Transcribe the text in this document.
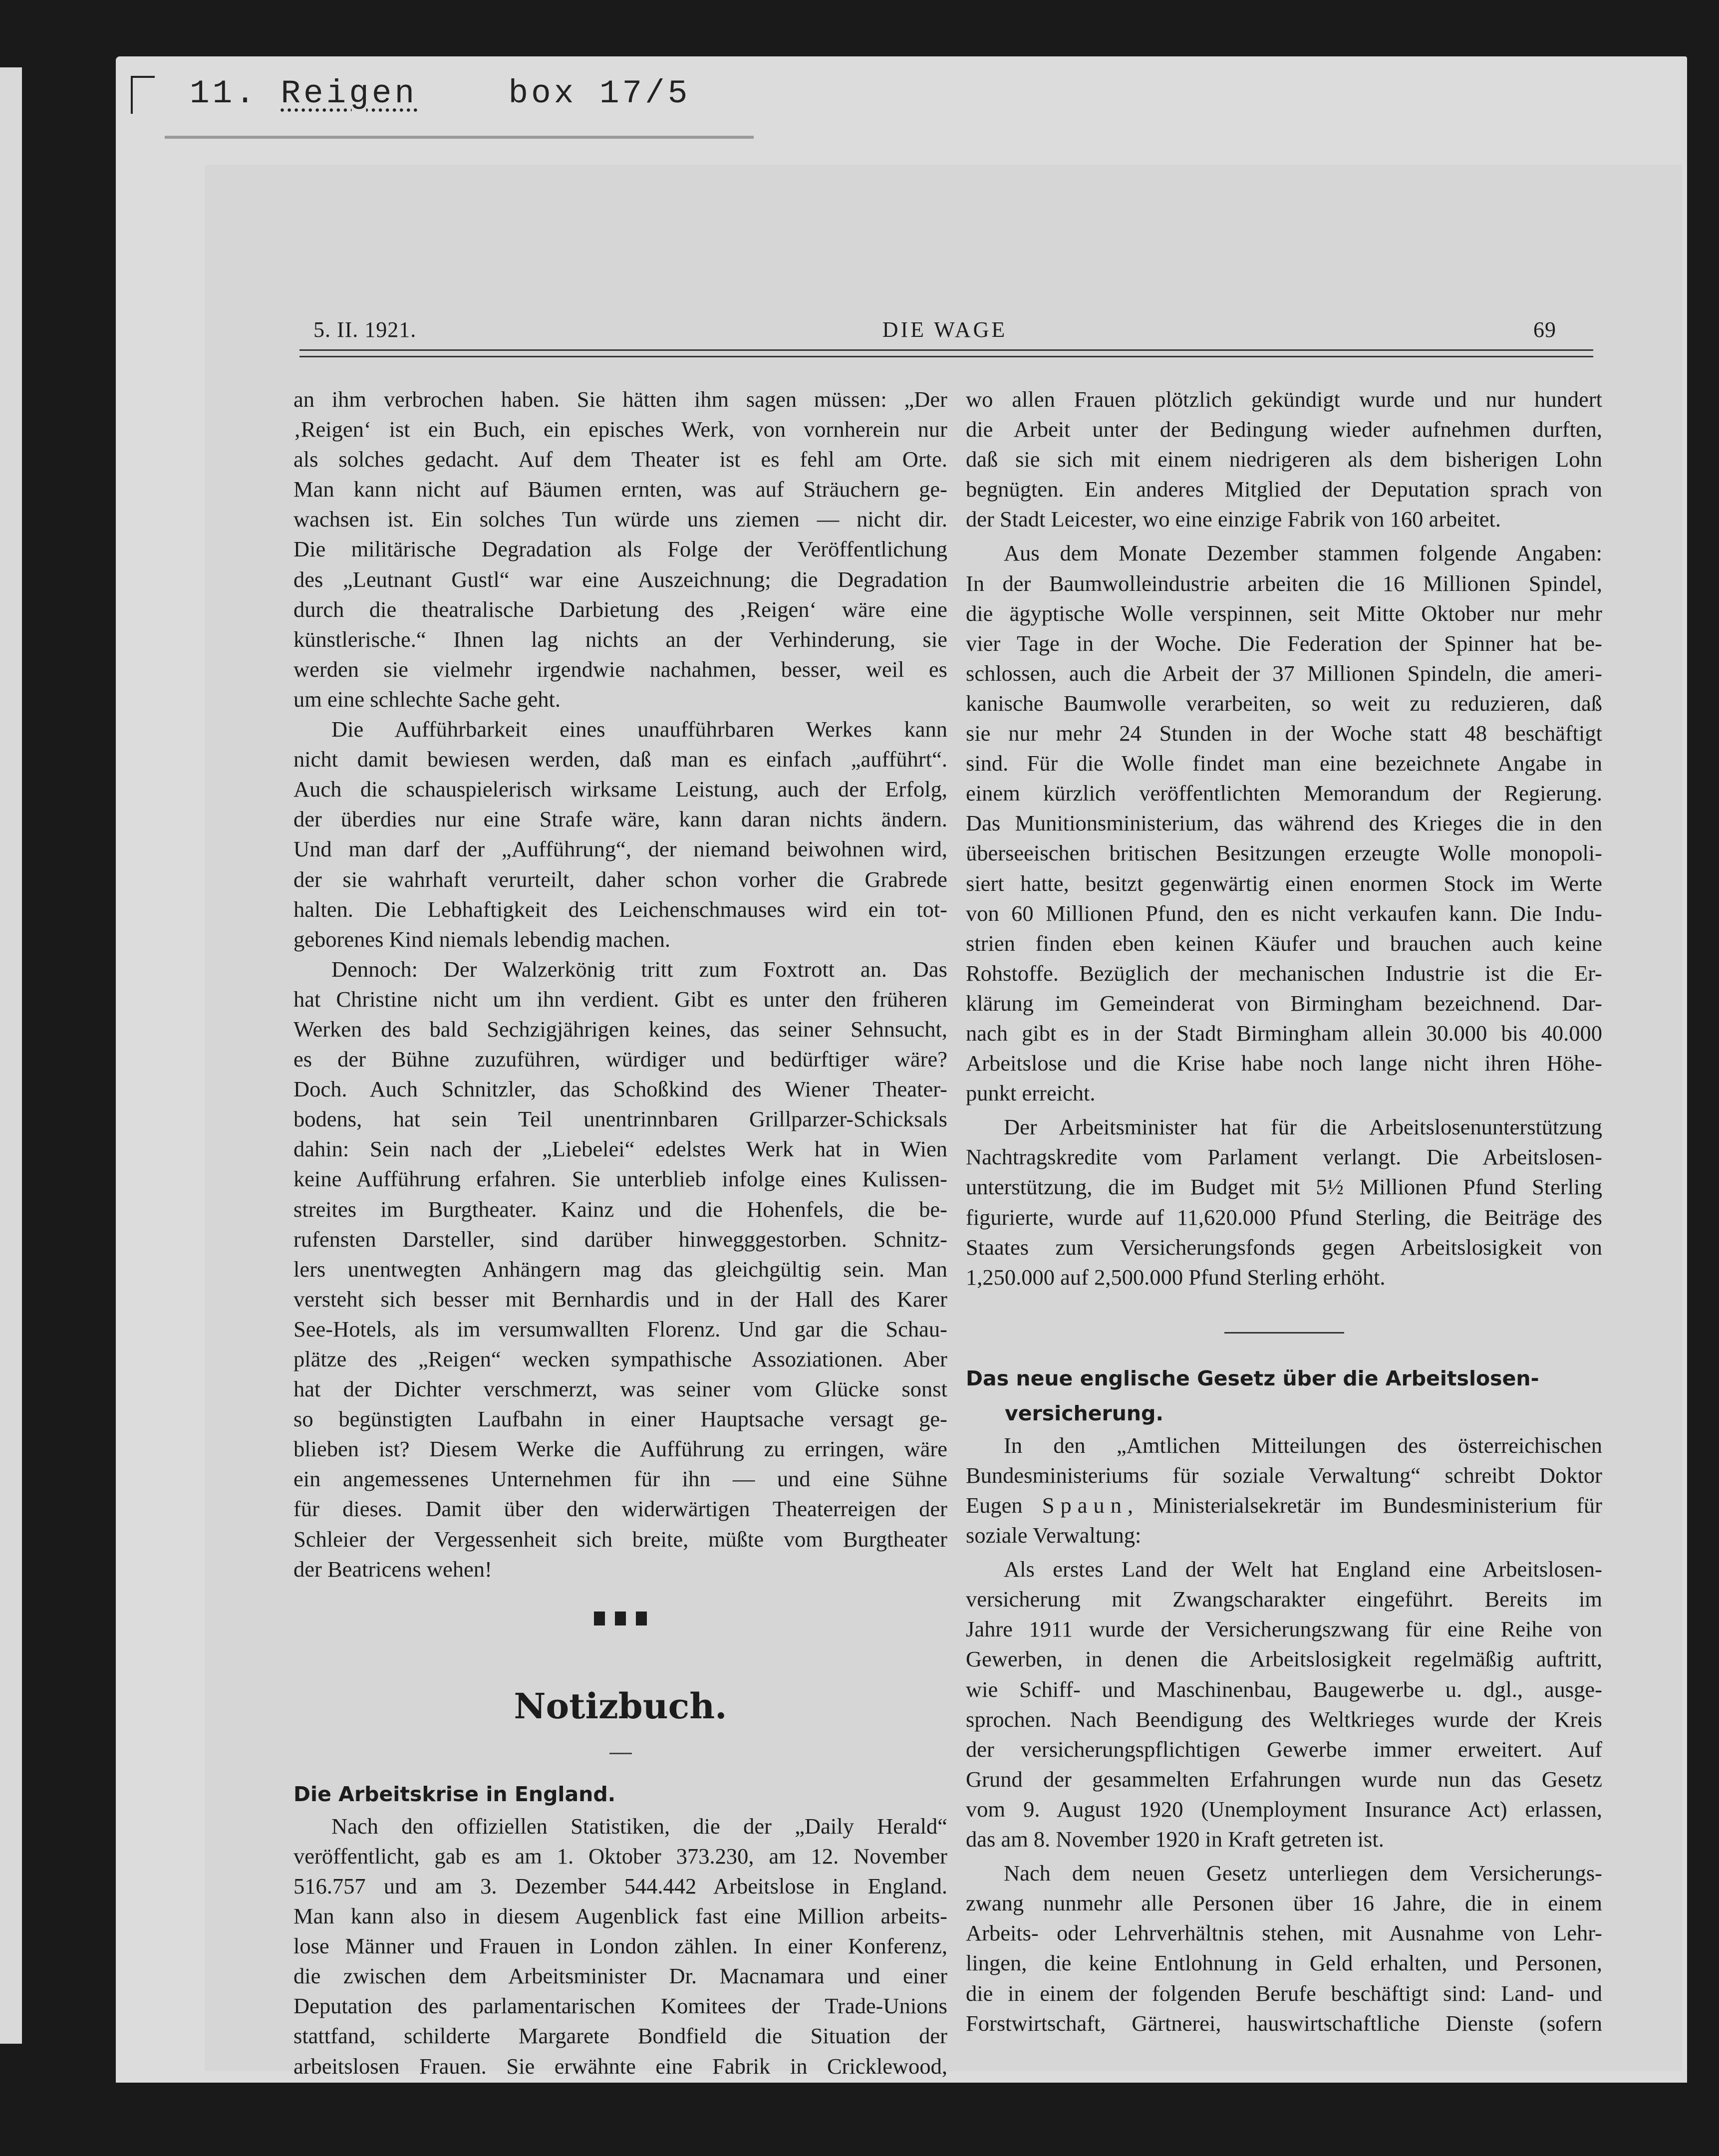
11. Reigen	box 17/5
5. II. 1921.	DIE WAGE	69
an ihm verbrochen haben. Sie hätten ihm sagen müssen: „Der
‚Reigen‘ ist ein Buch, ein episches Werk, von vornherein nur
als solches gedacht. Auf dem Theater ist es fehl am Orte.
Man kann nicht auf Bäumen ernten, was auf Sträuchern ge-
wachsen ist. Ein solches Tun würde uns ziemen — nicht dir.
Die militärische Degradation als Folge der Veröffentlichung
des „Leutnant Gustl“ war eine Auszeichnung; die Degradation
durch die theatralische Darbietung des ‚Reigen‘ wäre eine
künstlerische.“ Ihnen lag nichts an der Verhinderung, sie
werden sie vielmehr irgendwie nachahmen, besser, weil es
um eine schlechte Sache geht.
Die Aufführbarkeit eines unaufführbaren Werkes kann
nicht damit bewiesen werden, daß man es einfach „aufführt“.
Auch die schauspielerisch wirksame Leistung, auch der Erfolg,
der überdies nur eine Strafe wäre, kann daran nichts ändern.
Und man darf der „Aufführung“, der niemand beiwohnen wird,
der sie wahrhaft verurteilt, daher schon vorher die Grabrede
halten. Die Lebhaftigkeit des Leichenschmauses wird ein tot-
geborenes Kind niemals lebendig machen.
Dennoch: Der Walzerkönig tritt zum Foxtrott an. Das
hat Christine nicht um ihn verdient. Gibt es unter den früheren
Werken des bald Sechzigjährigen keines, das seiner Sehnsucht,
es der Bühne zuzuführen, würdiger und bedürftiger wäre?
Doch. Auch Schnitzler, das Schoßkind des Wiener Theater-
bodens, hat sein Teil unentrinnbaren Grillparzer-Schicksals
dahin: Sein nach der „Liebelei“ edelstes Werk hat in Wien
keine Aufführung erfahren. Sie unterblieb infolge eines Kulissen-
streites im Burgtheater. Kainz und die Hohenfels, die be-
rufensten Darsteller, sind darüber hinwegggestorben. Schnitz-
lers unentwegten Anhängern mag das gleichgültig sein. Man
versteht sich besser mit Bernhardis und in der Hall des Karer
See-Hotels, als im versumwallten Florenz. Und gar die Schau-
plätze des „Reigen“ wecken sympathische Assoziationen. Aber
hat der Dichter verschmerzt, was seiner vom Glücke sonst
so begünstigten Laufbahn in einer Hauptsache versagt ge-
blieben ist? Diesem Werke die Aufführung zu erringen, wäre
ein angemessenes Unternehmen für ihn — und eine Sühne
für dieses. Damit über den widerwärtigen Theaterreigen der
Schleier der Vergessenheit sich breite, müßte vom Burgtheater
der Beatricens wehen!
Notizbuch.
Die Arbeitskrise in England.
Nach den offiziellen Statistiken, die der „Daily Herald“
veröffentlicht, gab es am 1. Oktober 373.230, am 12. November
516.757 und am 3. Dezember 544.442 Arbeitslose in England.
Man kann also in diesem Augenblick fast eine Million arbeits-
lose Männer und Frauen in London zählen. In einer Konferenz,
die zwischen dem Arbeitsminister Dr. Macnamara und einer
Deputation des parlamentarischen Komitees der Trade-Unions
stattfand, schilderte Margarete Bondfield die Situation der
arbeitslosen Frauen. Sie erwähnte eine Fabrik in Cricklewood,
wo allen Frauen plötzlich gekündigt wurde und nur hundert
die Arbeit unter der Bedingung wieder aufnehmen durften,
daß sie sich mit einem niedrigeren als dem bisherigen Lohn
begnügten. Ein anderes Mitglied der Deputation sprach von
der Stadt Leicester, wo eine einzige Fabrik von 160 arbeitet.
Aus dem Monate Dezember stammen folgende Angaben:
In der Baumwolleindustrie arbeiten die 16 Millionen Spindel,
die ägyptische Wolle verspinnen, seit Mitte Oktober nur mehr
vier Tage in der Woche. Die Federation der Spinner hat be-
schlossen, auch die Arbeit der 37 Millionen Spindeln, die ameri-
kanische Baumwolle verarbeiten, so weit zu reduzieren, daß
sie nur mehr 24 Stunden in der Woche statt 48 beschäftigt
sind. Für die Wolle findet man eine bezeichnete Angabe in
einem kürzlich veröffentlichten Memorandum der Regierung.
Das Munitionsministerium, das während des Krieges die in den
überseeischen britischen Besitzungen erzeugte Wolle monopoli-
siert hatte, besitzt gegenwärtig einen enormen Stock im Werte
von 60 Millionen Pfund, den es nicht verkaufen kann. Die Indu-
strien finden eben keinen Käufer und brauchen auch keine
Rohstoffe. Bezüglich der mechanischen Industrie ist die Er-
klärung im Gemeinderat von Birmingham bezeichnend. Dar-
nach gibt es in der Stadt Birmingham allein 30.000 bis 40.000
Arbeitslose und die Krise habe noch lange nicht ihren Höhe-
punkt erreicht.
Der Arbeitsminister hat für die Arbeitslosenunterstützung
Nachtragskredite vom Parlament verlangt. Die Arbeitslosen-
unterstützung, die im Budget mit 5½ Millionen Pfund Sterling
figurierte, wurde auf 11,620.000 Pfund Sterling, die Beiträge des
Staates zum Versicherungsfonds gegen Arbeitslosigkeit von
1,250.000 auf 2,500.000 Pfund Sterling erhöht.
Das neue englische Gesetz über die Arbeitslosen-
versicherung.
In den „Amtlichen Mitteilungen des österreichischen
Bundesministeriums für soziale Verwaltung“ schreibt Doktor
Eugen Spaun, Ministerialsekretär im Bundesministerium für
soziale Verwaltung:
Als erstes Land der Welt hat England eine Arbeitslosen-
versicherung mit Zwangscharakter eingeführt. Bereits im
Jahre 1911 wurde der Versicherungszwang für eine Reihe von
Gewerben, in denen die Arbeitslosigkeit regelmäßig auftritt,
wie Schiff- und Maschinenbau, Baugewerbe u. dgl., ausge-
sprochen. Nach Beendigung des Weltkrieges wurde der Kreis
der versicherungspflichtigen Gewerbe immer erweitert. Auf
Grund der gesammelten Erfahrungen wurde nun das Gesetz
vom 9. August 1920 (Unemployment Insurance Act) erlassen,
das am 8. November 1920 in Kraft getreten ist.
Nach dem neuen Gesetz unterliegen dem Versicherungs-
zwang nunmehr alle Personen über 16 Jahre, die in einem
Arbeits- oder Lehrverhältnis stehen, mit Ausnahme von Lehr-
lingen, die keine Entlohnung in Geld erhalten, und Personen,
die in einem der folgenden Berufe beschäftigt sind: Land- und
Forstwirtschaft, Gärtnerei, hauswirtschaftliche Dienste (sofern
